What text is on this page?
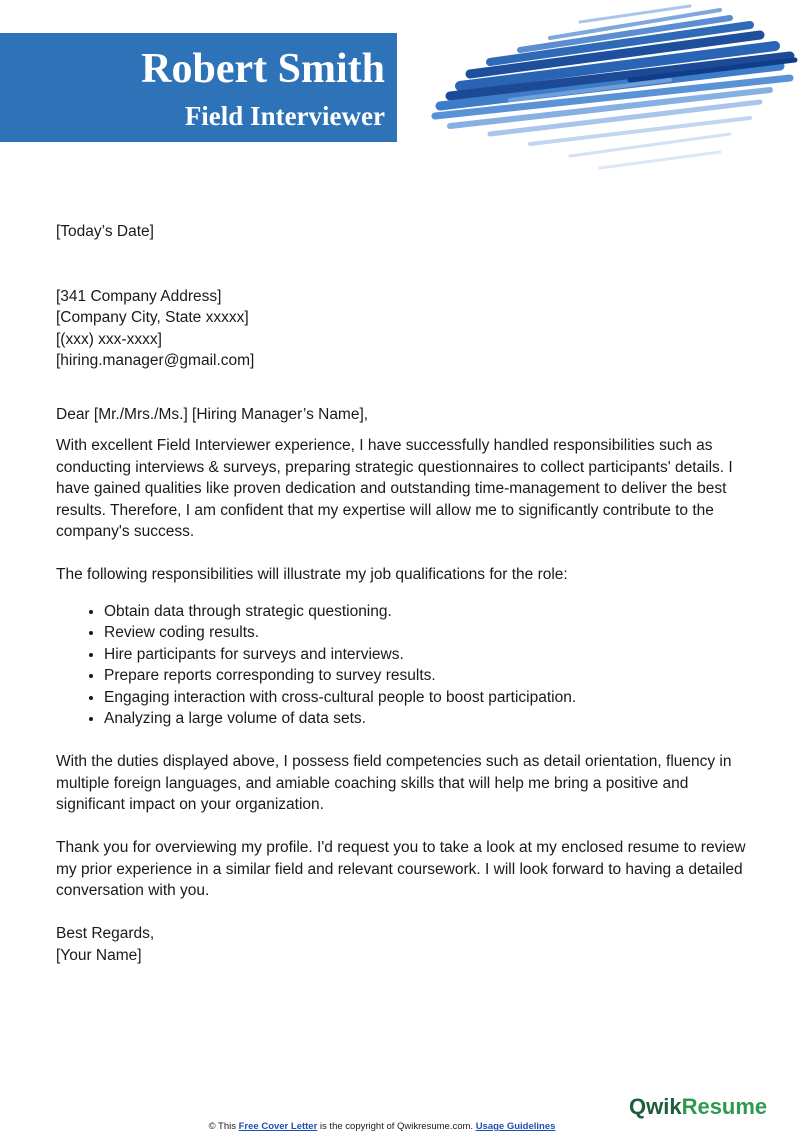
Robert Smith
Field Interviewer

[Today’s Date]

[341 Company Address]

[Company City, State xxxxx]

[(xxx) xxx-xxxx]

[hiring.manager@gmail.com]

Dear [Mr./Mrs./Ms.] [Hiring Manager’s Name],

With excellent Field Interviewer experience, I have successfully handled responsibilities such as conducting interviews & surveys, preparing strategic questionnaires to collect participants' details. I have gained qualities like proven dedication and outstanding time-management to deliver the best results. Therefore, I am confident that my expertise will allow me to significantly contribute to the company's success.

The following responsibilities will illustrate my job qualifications for the role:

• Obtain data through strategic questioning.
• Review coding results.
• Hire participants for surveys and interviews.
• Prepare reports corresponding to survey results.
• Engaging interaction with cross-cultural people to boost participation.
• Analyzing a large volume of data sets.

With the duties displayed above, I possess field competencies such as detail orientation, fluency in multiple foreign languages, and amiable coaching skills that will help me bring a positive and significant impact on your organization.

Thank you for overviewing my profile. I'd request you to take a look at my enclosed resume to review my prior experience in a similar field and relevant coursework. I will look forward to having a detailed conversation with you.

Best Regards,

[Your Name]

© This Free Cover Letter is the copyright of Qwikresume.com. Usage Guidelines
QwikResume
